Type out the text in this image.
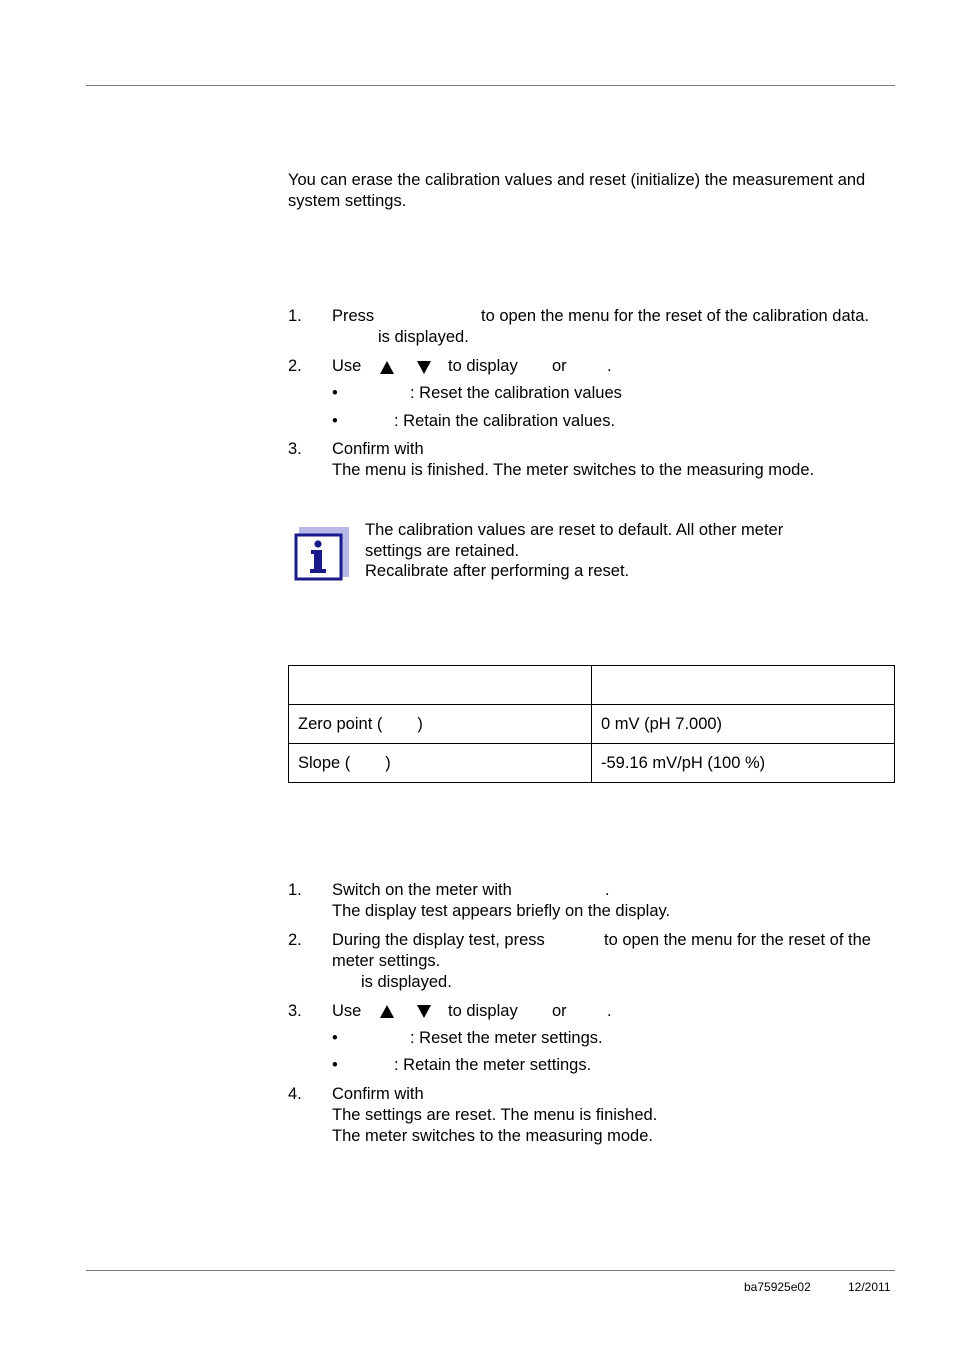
You can erase the calibration values and reset (initialize) the measurement and
system settings.
1. Press	to open the menu for the reset of the calibration data.
is displayed.
2. Use	to display or .
•	: Reset the calibration values
•	: Retain the calibration values.
3. Confirm with
The menu is finished. The meter switches to the measuring mode.
The calibration values are reset to default. All other meter
settings are retained.
Recalibrate after performing a reset.

Zero point ( )	0 mV (pH 7.000)
Slope ( )	-59.16 mV/pH (100 %)
1. Switch on the meter with	.
The display test appears briefly on the display.
2. During the display test, press	to open the menu for the reset of the
meter settings.
is displayed.
3. Use	to display or .
•	: Reset the meter settings.
•	: Retain the meter settings.
4. Confirm with
The settings are reset. The menu is finished.
The meter switches to the measuring mode.
ba75925e02	12/2011
